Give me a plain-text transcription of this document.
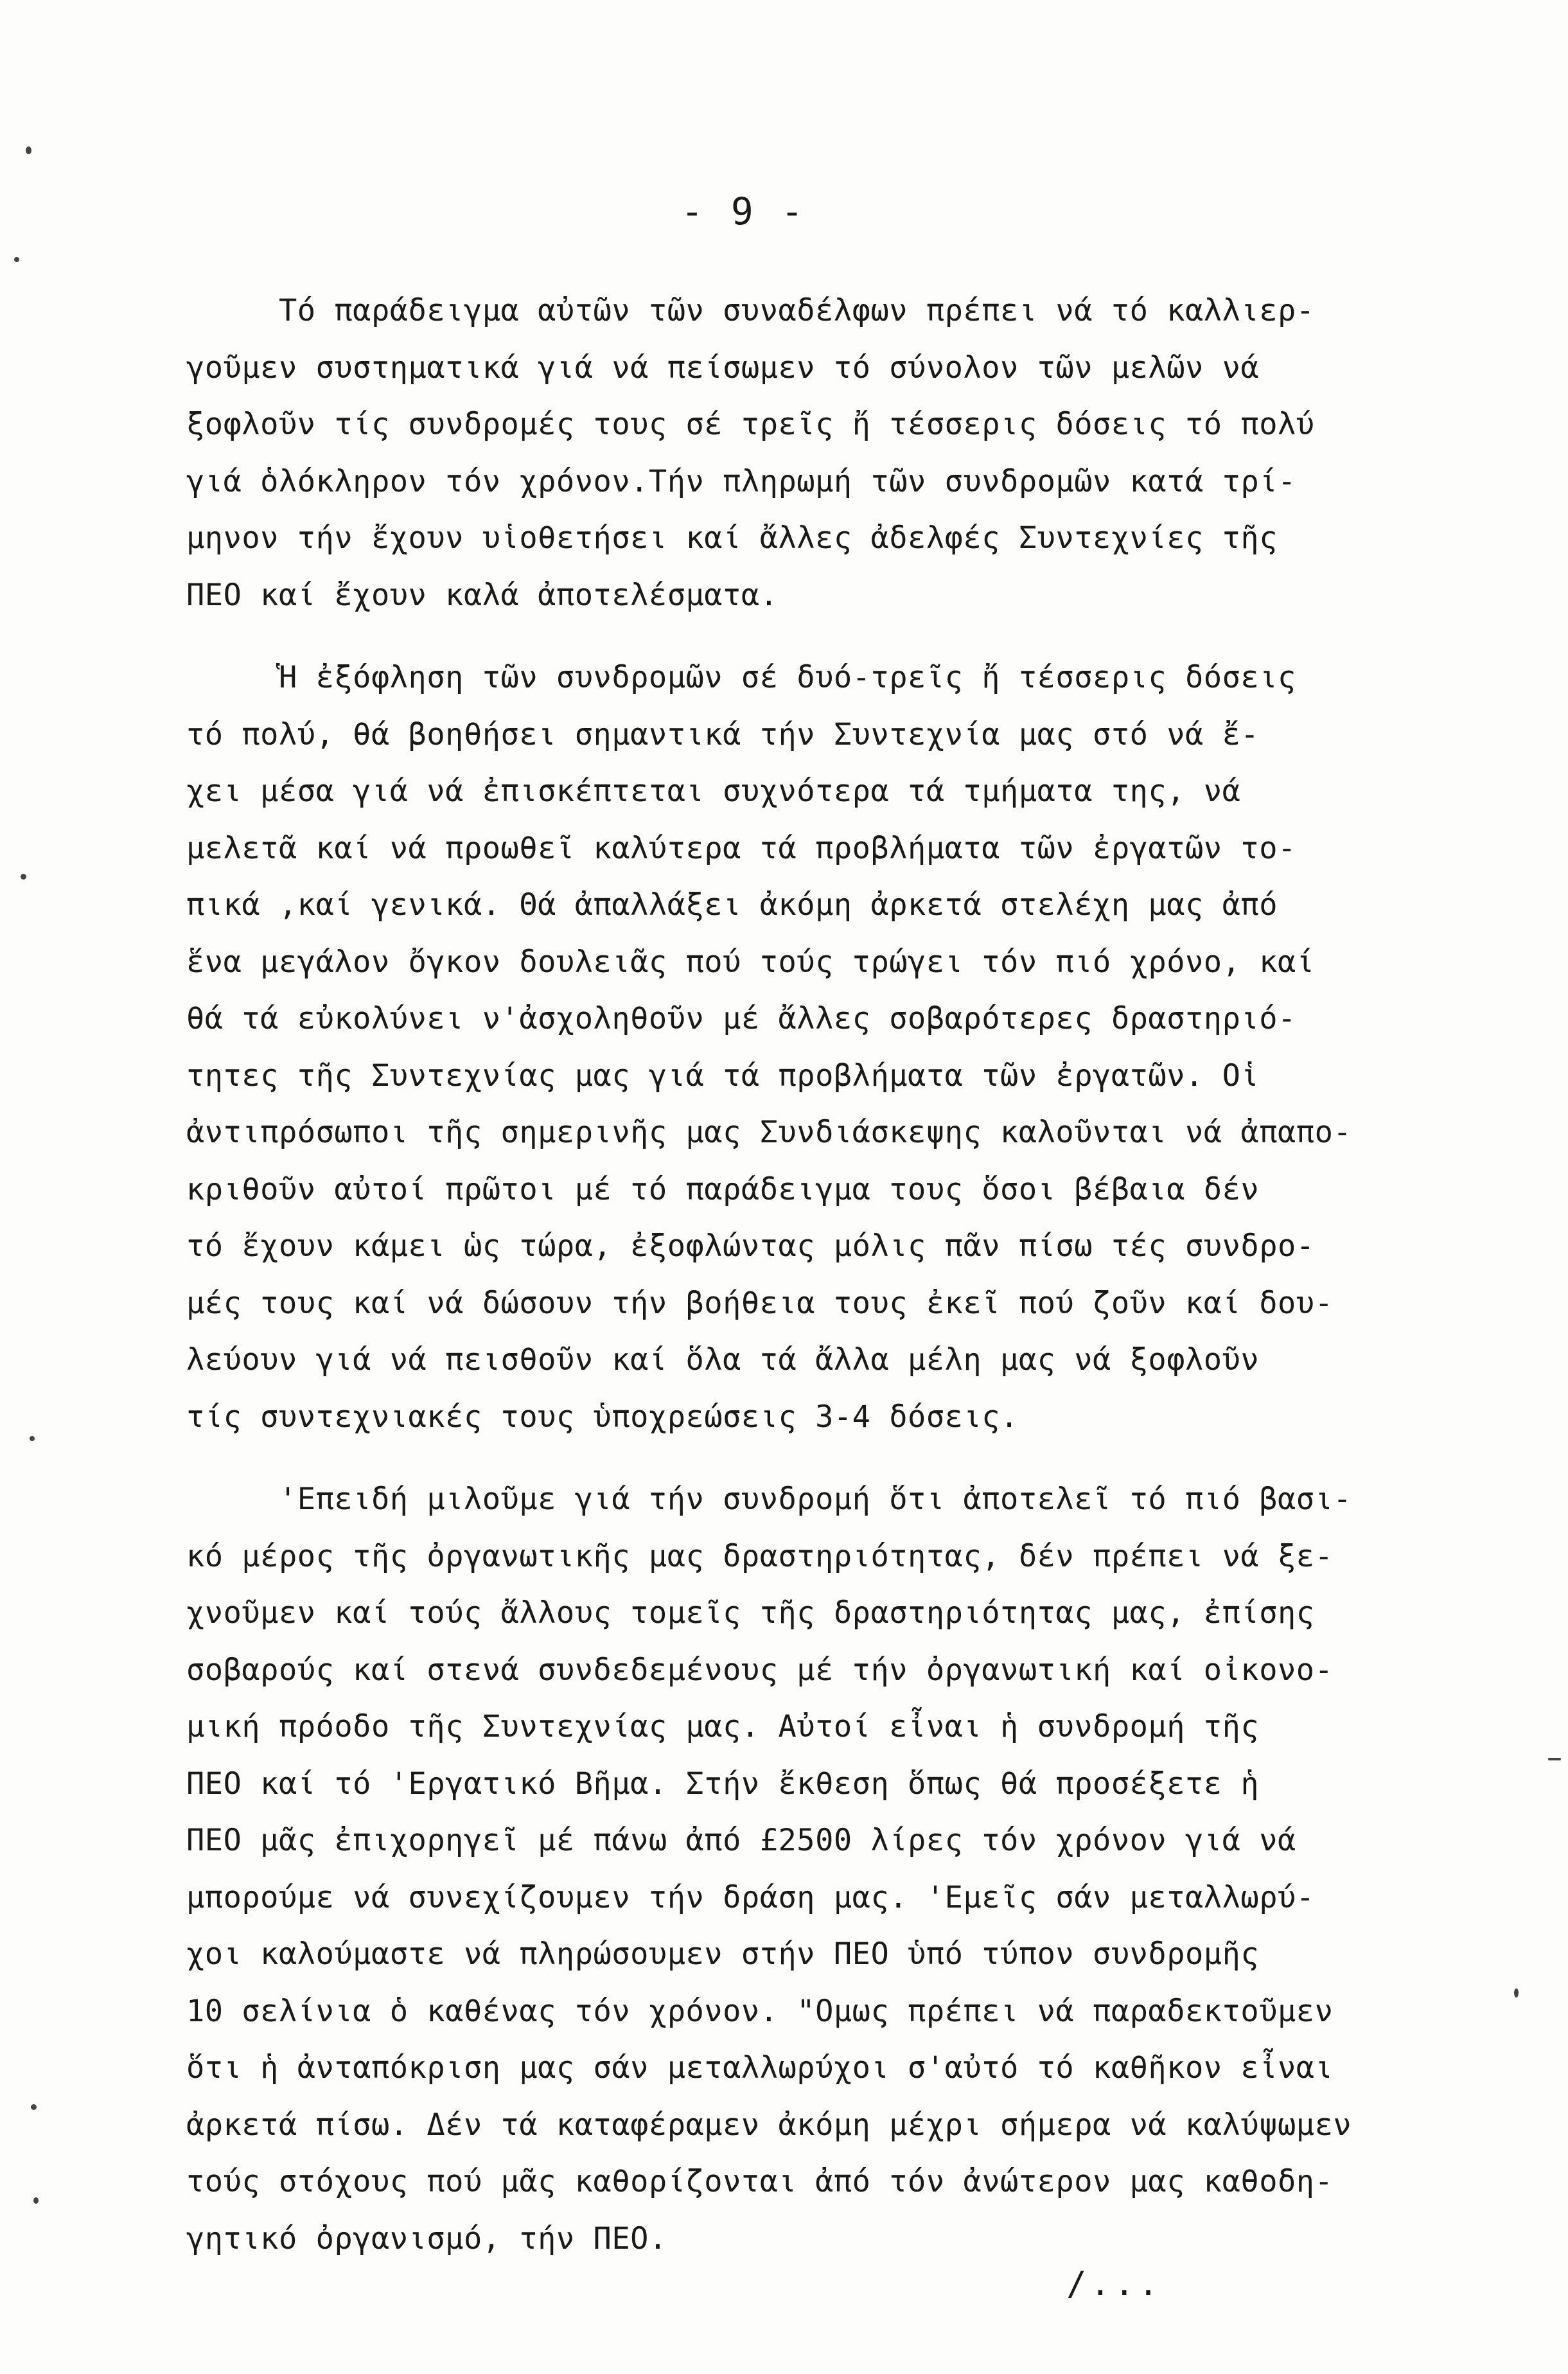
- 9 -
Τό παράδειγμα αὐτῶν τῶν συναδέλφων πρέπει νά τό καλλιερ-
γοῦμεν συστηματικά γιά νά πείσωμεν τό σύνολον τῶν μελῶν νά
ξοφλοῦν τίς συνδρομές τους σέ τρεῖς ἤ τέσσερις δόσεις τό πολύ
γιά ὁλόκληρον τόν χρόνον.Τήν πληρωμή τῶν συνδρομῶν κατά τρί-
μηνον τήν ἔχουν υἱοθετήσει καί ἄλλες ἀδελφές Συντεχνίες τῆς
ΠΕΟ καί ἔχουν καλά ἀποτελέσματα.
Ἡ ἐξόφληση τῶν συνδρομῶν σέ δυό-τρεῖς ἤ τέσσερις δόσεις
τό πολύ, θά βοηθήσει σημαντικά τήν Συντεχνία μας στό νά ἔ-
χει μέσα γιά νά ἐπισκέπτεται συχνότερα τά τμήματα της, νά
μελετᾶ καί νά προωθεῖ καλύτερα τά προβλήματα τῶν ἐργατῶν το-
πικά ,καί γενικά. Θά ἀπαλλάξει ἀκόμη ἀρκετά στελέχη μας ἀπό
ἕνα μεγάλον ὄγκον δουλειᾶς πού τούς τρώγει τόν πιό χρόνο, καί
θά τά εὐκολύνει ν'ἀσχοληθοῦν μέ ἄλλες σοβαρότερες δραστηριό-
τητες τῆς Συντεχνίας μας γιά τά προβλήματα τῶν ἐργατῶν. Οἱ
ἀντιπρόσωποι τῆς σημερινῆς μας Συνδιάσκεψης καλοῦνται νά ἀπαπο-
κριθοῦν αὐτοί πρῶτοι μέ τό παράδειγμα τους ὅσοι βέβαια δέν
τό ἔχουν κάμει ὡς τώρα, ἐξοφλώντας μόλις πᾶν πίσω τές συνδρο-
μές τους καί νά δώσουν τήν βοήθεια τους ἐκεῖ πού ζοῦν καί δου-
λεύουν γιά νά πεισθοῦν καί ὅλα τά ἄλλα μέλη μας νά ξοφλοῦν
τίς συντεχνιακές τους ὑποχρεώσεις 3-4 δόσεις.
'Επειδή μιλοῦμε γιά τήν συνδρομή ὅτι ἀποτελεῖ τό πιό βασι-
κό μέρος τῆς ὀργανωτικῆς μας δραστηριότητας, δέν πρέπει νά ξε-
χνοῦμεν καί τούς ἄλλους τομεῖς τῆς δραστηριότητας μας, ἐπίσης
σοβαρούς καί στενά συνδεδεμένους μέ τήν ὀργανωτική καί οἰκονο-
μική πρόοδο τῆς Συντεχνίας μας. Αὐτοί εἶναι ἡ συνδρομή τῆς
ΠΕΟ καί τό 'Εργατικό Βῆμα. Στήν ἔκθεση ὅπως θά προσέξετε ἡ
ΠΕΟ μᾶς ἐπιχορηγεῖ μέ πάνω ἀπό £2500 λίρες τόν χρόνον γιά νά
μπορούμε νά συνεχίζουμεν τήν δράση μας. 'Εμεῖς σάν μεταλλωρύ-
χοι καλούμαστε νά πληρώσουμεν στήν ΠΕΟ ὑπό τύπον συνδρομῆς
10 σελίνια ὁ καθένας τόν χρόνον. "Ομως πρέπει νά παραδεκτοῦμεν
ὅτι ἡ ἀνταπόκριση μας σάν μεταλλωρύχοι σ'αὐτό τό καθῆκον εἶναι
ἀρκετά πίσω. Δέν τά καταφέραμεν ἀκόμη μέχρι σήμερα νά καλύψωμεν
τούς στόχους πού μᾶς καθορίζονται ἀπό τόν ἀνώτερον μας καθοδη-
γητικό ὀργανισμό, τήν ΠΕΟ.
/...
